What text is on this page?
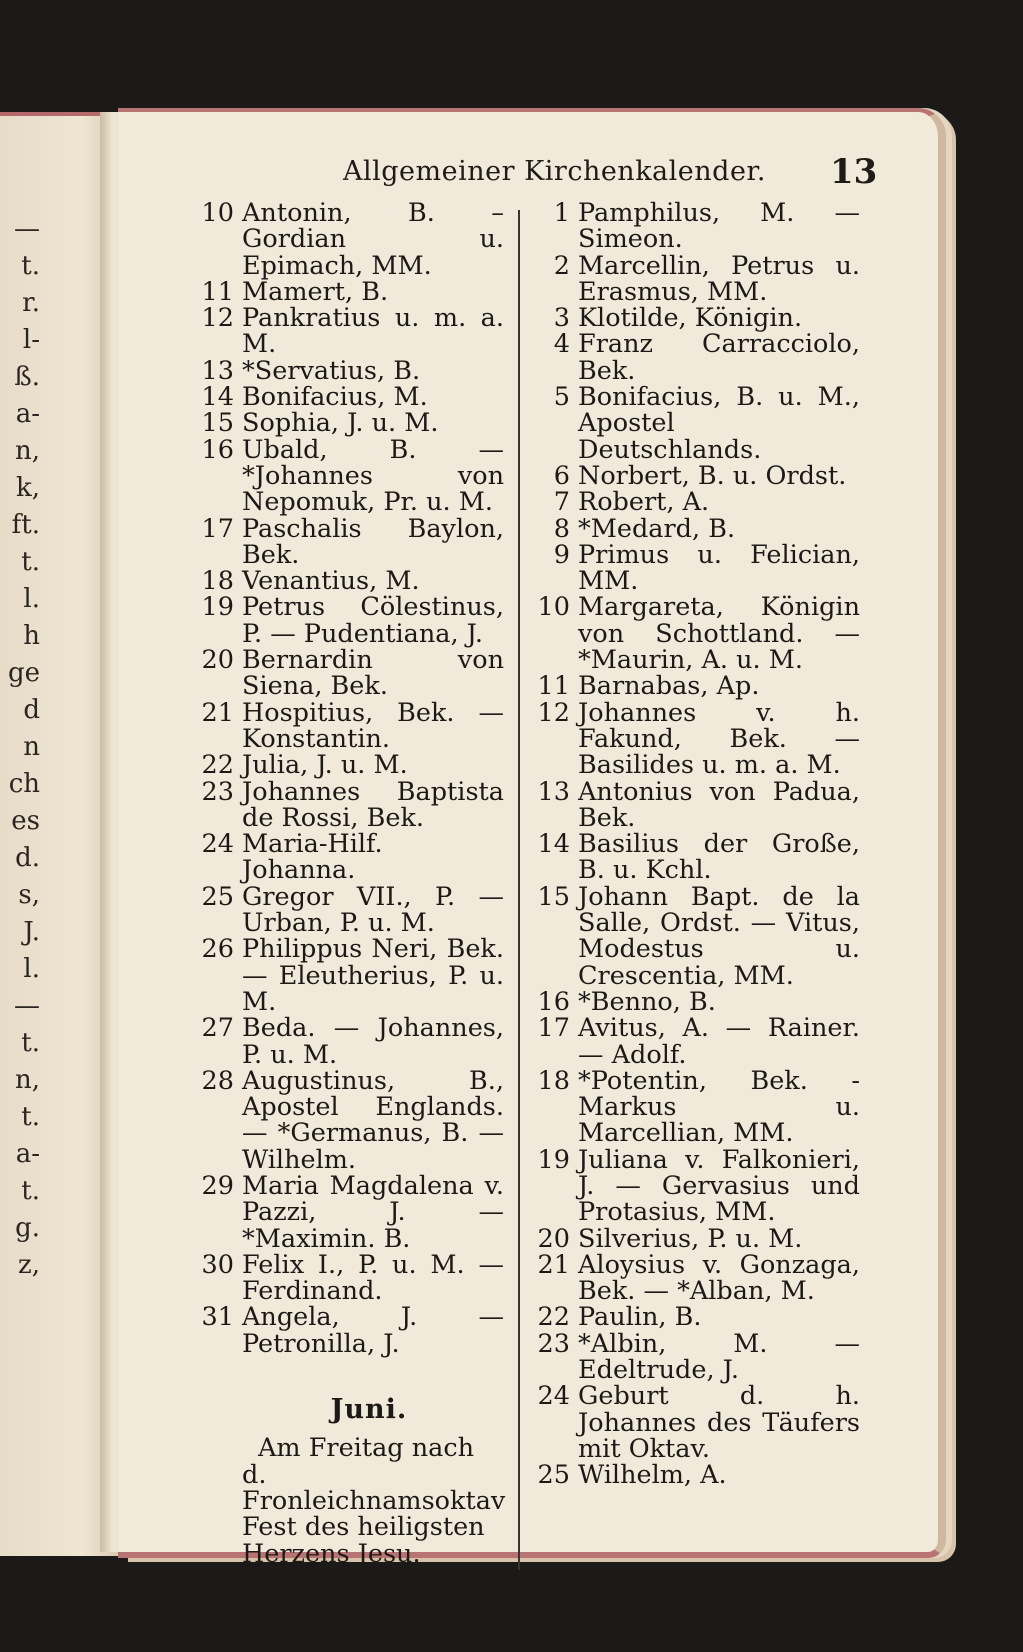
—
t.
r.
l-
ß.
a-
n,
k,
ft.
t.
l.
h
ge
d
n
ch
es
d.
s,
J.
l.
—
t.
n,
t.
a-
t.
g.
z,
Allgemeiner Kirchenkalender. 13
10 Antonin, B. – Gordian u. Epimach, MM.
11 Mamert, B.
12 Pankratius u. m. a. M.
13 *Servatius, B.
14 Bonifacius, M.
15 Sophia, J. u. M.
16 Ubald, B. — *Johannes von Nepomuk, Pr. u. M.
17 Paschalis Baylon, Bek.
18 Venantius, M.
19 Petrus Cölestinus, P. — Pudentiana, J.
20 Bernardin von Siena, Bek.
21 Hospitius, Bek. — Konstantin.
22 Julia, J. u. M.
23 Johannes Baptista de Rossi, Bek.
24 Maria-Hilf. Johanna.
25 Gregor VII., P. — Urban, P. u. M.
26 Philippus Neri, Bek. — Eleutherius, P. u. M.
27 Beda. — Johannes, P. u. M.
28 Augustinus, B., Apostel Englands. — *Germanus, B. — Wilhelm.
29 Maria Magdalena v. Pazzi, J. — *Maximin. B.
30 Felix I., P. u. M. — Ferdinand.
31 Angela, J. — Petronilla, J.
Juni.
Am Freitag nach d. Fronleichnamsoktav Fest des heiligsten Herzens Jesu.
1 Pamphilus, M. — Simeon.
2 Marcellin, Petrus u. Erasmus, MM.
3 Klotilde, Königin.
4 Franz Carracciolo, Bek.
5 Bonifacius, B. u. M., Apostel Deutschlands.
6 Norbert, B. u. Ordst.
7 Robert, A.
8 *Medard, B.
9 Primus u. Felician, MM.
10 Margareta, Königin von Schottland. — *Maurin, A. u. M.
11 Barnabas, Ap.
12 Johannes v. h. Fakund, Bek. — Basilides u. m. a. M.
13 Antonius von Padua, Bek.
14 Basilius der Große, B. u. Kchl.
15 Johann Bapt. de la Salle, Ordst. — Vitus, Modestus u. Crescentia, MM.
16 *Benno, B.
17 Avitus, A. — Rainer. — Adolf.
18 *Potentin, Bek. - Markus u. Marcellian, MM.
19 Juliana v. Falkonieri, J. — Gervasius und Protasius, MM.
20 Silverius, P. u. M.
21 Aloysius v. Gonzaga, Bek. — *Alban, M.
22 Paulin, B.
23 *Albin, M. — Edeltrude, J.
24 Geburt d. h. Johannes des Täufers mit Oktav.
25 Wilhelm, A.
